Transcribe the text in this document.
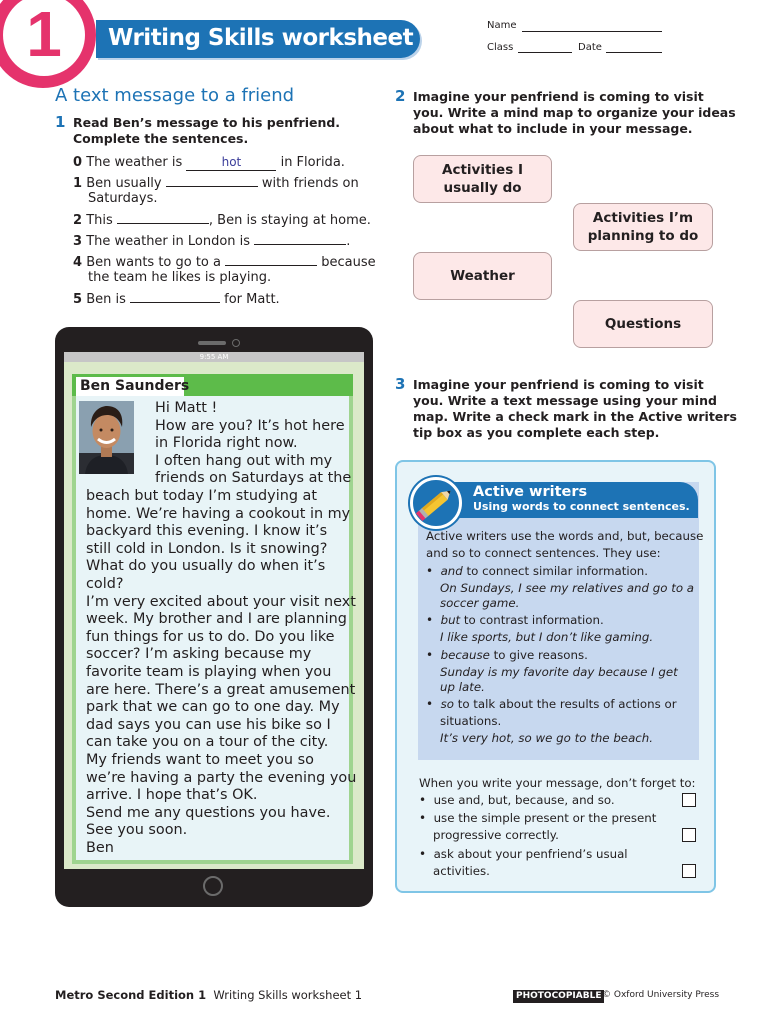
1	Writing Skills worksheet	Name
Class	Date
A text message to a friend
1 Read Ben’s message to his penfriend.
Complete the sentences.
0 The weather is	hot	in Florida.
1 Ben usually	with friends on
Saturdays.
2 This	, Ben is staying at home.
3 The weather in London is	.
4 Ben wants to go to a	because
the team he likes is playing.
5 Ben is	for Matt.
9:55 AM
Ben Saunders
Hi Matt !
How are you? It’s hot here
in Florida right now.
I often hang out with my
friends on Saturdays at the
beach but today I’m studying at
home. We’re having a cookout in my
backyard this evening. I know it’s
still cold in London. Is it snowing?
What do you usually do when it’s
cold?
I’m very excited about your visit next
week. My brother and I are planning
fun things for us to do. Do you like
soccer? I’m asking because my
favorite team is playing when you
are here. There’s a great amusement
park that we can go to one day. My
dad says you can use his bike so I
can take you on a tour of the city.
My friends want to meet you so
we’re having a party the evening you
arrive. I hope that’s OK.
Send me any questions you have.
See you soon.
Ben
2 Imagine your penfriend is coming to visit
you. Write a mind map to organize your ideas
about what to include in your message.
Activities I
usually do
Activities I’m
planning to do
Weather
Questions
3 Imagine your penfriend is coming to visit
you. Write a text message using your mind
map. Write a check mark in the Active writers
tip box as you complete each step.
Active writers
Using words to connect sentences.
Active writers use the words and, but, because
and so to connect sentences. They use:
• and to connect similar information.
On Sundays, I see my relatives and go to a
soccer game.
• but to contrast information.
I like sports, but I don’t like gaming.
• because to give reasons.
Sunday is my favorite day because I get
up late.
• so to talk about the results of actions or
situations.
It’s very hot, so we go to the beach.
When you write your message, don’t forget to:
• use and, but, because, and so.
• use the simple present or the present
progressive correctly.
• ask about your penfriend’s usual
activities.
Metro Second Edition 1 Writing Skills worksheet 1	PHOTOCOPIABLE © Oxford University Press
